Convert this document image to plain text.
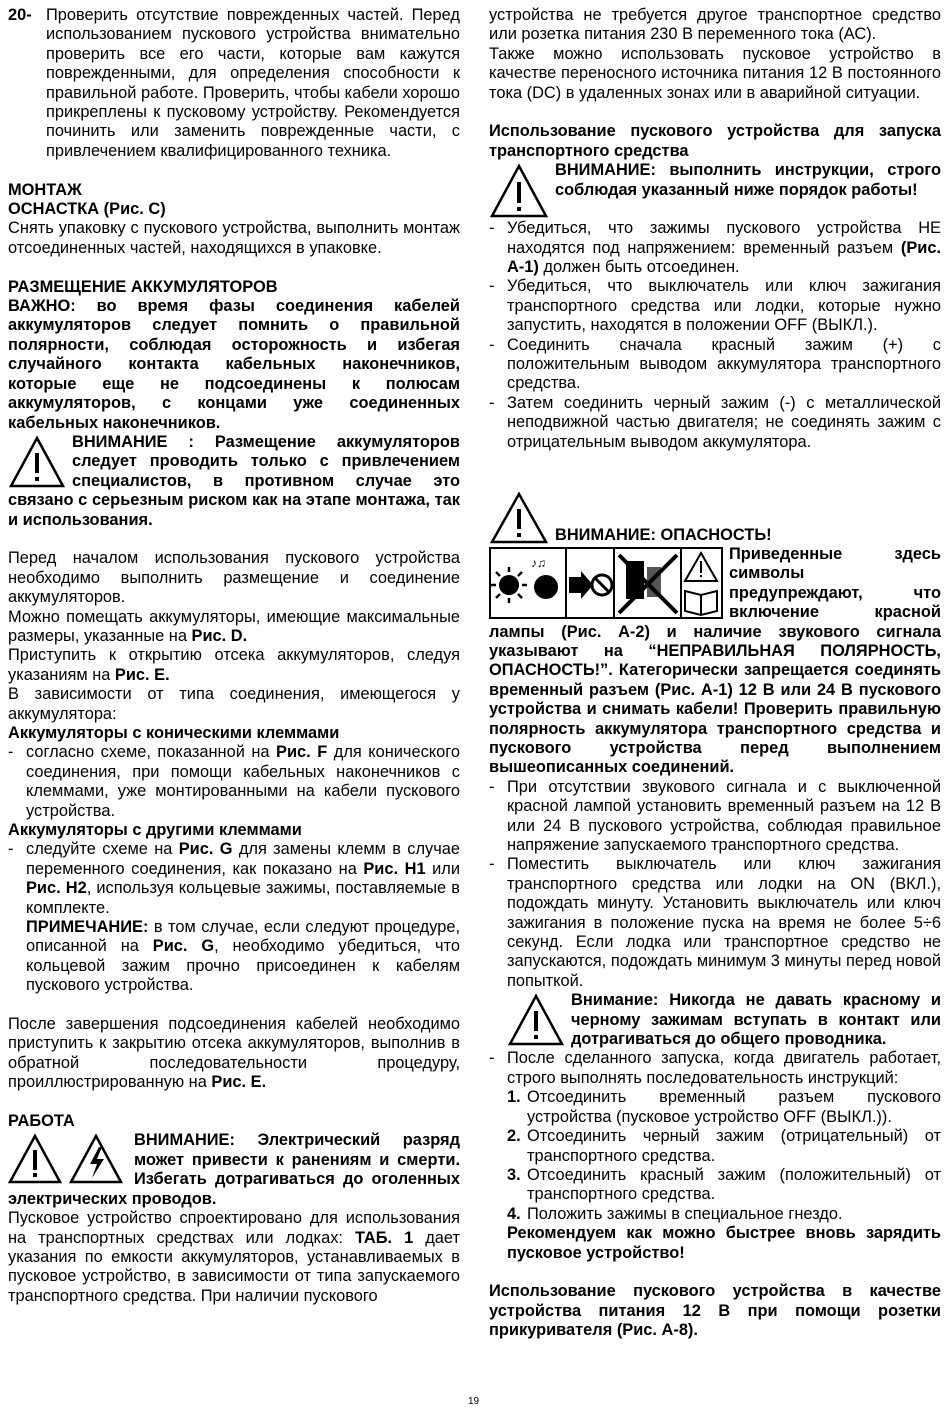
20- Проверить отсутствие поврежденных частей. Перед использованием пускового устройства внимательно проверить все его части, которые вам кажутся поврежденными, для определения способности к правильной работе. Проверить, чтобы кабели хорошо прикреплены к пусковому устройству. Рекомендуется починить или заменить поврежденные части, с привлечением квалифицированного техника.

МОНТАЖ

ОСНАСТКА (Рис. С)

Снять упаковку с пускового устройства, выполнить монтаж отсоединенных частей, находящихся в упаковке.

РАЗМЕЩЕНИЕ АККУМУЛЯТОРОВ

ВАЖНО: во время фазы соединения кабелей аккумуляторов следует помнить о правильной полярности, соблюдая осторожность и избегая случайного контакта кабельных наконечников, которые еще не подсоединены к полюсам аккумуляторов, с концами уже соединенных кабельных наконечников.

ВНИМАНИЕ : Размещение аккумуляторов следует проводить только с привлечением специалистов, в противном случае это связано с серьезным риском как на этапе монтажа, так и использования.

Перед началом использования пускового устройства необходимо выполнить размещение и соединение аккумуляторов.

Можно помещать аккумуляторы, имеющие максимальные размеры, указанные на Рис. D.

Приступить к открытию отсека аккумуляторов, следуя указаниям на Рис. E.

В зависимости от типа соединения, имеющегося у аккумулятора:

Аккумуляторы с коническими клеммами

- согласно схеме, показанной на Рис. F для конического соединения, при помощи кабельных наконечников с клеммами, уже монтированными на кабели пускового устройства.

Аккумуляторы с другими клеммами

- следуйте схеме на Рис. G для замены клемм в случае переменного соединения, как показано на Рис. H1 или Рис. H2, используя кольцевые зажимы, поставляемые в комплекте.

ПРИМЕЧАНИЕ: в том случае, если следуют процедуре, описанной на Рис. G, необходимо убедиться, что кольцевой зажим прочно присоединен к кабелям пускового устройства.

После завершения подсоединения кабелей необходимо приступить к закрытию отсека аккумуляторов, выполнив в обратной последовательности процедуру, проиллюстрированную на Рис. E.

РАБОТА

ВНИМАНИЕ: Электрический разряд может привести к ранениям и смерти. Избегать дотрагиваться до оголенных электрических проводов.

Пусковое устройство спроектировано для использования на транспортных средствах или лодках: ТАБ. 1 дает указания по емкости аккумуляторов, устанавливаемых в пусковое устройство, в зависимости от типа запускаемого транспортного средства. При наличии пускового

устройства не требуется другое транспортное средство или розетка питания 230 В переменного тока (АС).

Также можно использовать пусковое устройство в качестве переносного источника питания 12 В постоянного тока (DC) в удаленных зонах или в аварийной ситуации.

Использование пускового устройства для запуска транспортного средства

ВНИМАНИЕ: выполнить инструкции, строго соблюдая указанный ниже порядок работы!

- Убедиться, что зажимы пускового устройства НЕ находятся под напряжением: временный разъем (Рис. А-1) должен быть отсоединен.
- Убедиться, что выключатель или ключ зажигания транспортного средства или лодки, которые нужно запустить, находятся в положении OFF (ВЫКЛ.).
- Соединить сначала красный зажим (+) с положительным выводом аккумулятора транспортного средства.
- Затем соединить черный зажим (-) с металлической неподвижной частью двигателя; не соединять зажим с отрицательным выводом аккумулятора.
ВНИМАНИЕ: ОПАСНОСТЬ!
♪♫	Приведенные здесь символы предупреждают, что включение красной лампы (Рис. А-2) и наличие звукового сигнала указывают на “НЕПРАВИЛЬНАЯ ПОЛЯРНОСТЬ, ОПАСНОСТЬ!”. Категорически запрещается соединять временный разъем (Рис. А-1) 12 В или 24 В пускового устройства и снимать кабели! Проверить правильную полярность аккумулятора транспортного средства и пускового устройства перед выполнением вышеописанных соединений.

- При отсутствии звукового сигнала и с выключенной красной лампой установить временный разъем на 12 В или 24 В пускового устройства, соблюдая правильное напряжение запускаемого транспортного средства.
- Поместить выключатель или ключ зажигания транспортного средства или лодки на ON (ВКЛ.), подождать минуту. Установить выключатель или ключ зажигания в положение пуска на время не более 5÷6 секунд. Если лодка или транспортное средство не запускаются, подождать минимум 3 минуты перед новой попыткой.

Внимание: Никогда не давать красному и черному зажимам вступать в контакт или дотрагиваться до общего проводника.

- После сделанного запуска, когда двигатель работает, строго выполнять последовательность инструкций:
1. Отсоединить временный разъем пускового устройства (пусковое устройство OFF (ВЫКЛ.)).
2. Отсоединить черный зажим (отрицательный) от транспортного средства.
3. Отсоединить красный зажим (положительный) от транспортного средства.
4. Положить зажимы в специальное гнездо.

Рекомендуем как можно быстрее вновь зарядить пусковое устройство!

Использование пускового устройства в качестве устройства питания 12 В при помощи розетки прикуривателя (Рис. А-8).

19
